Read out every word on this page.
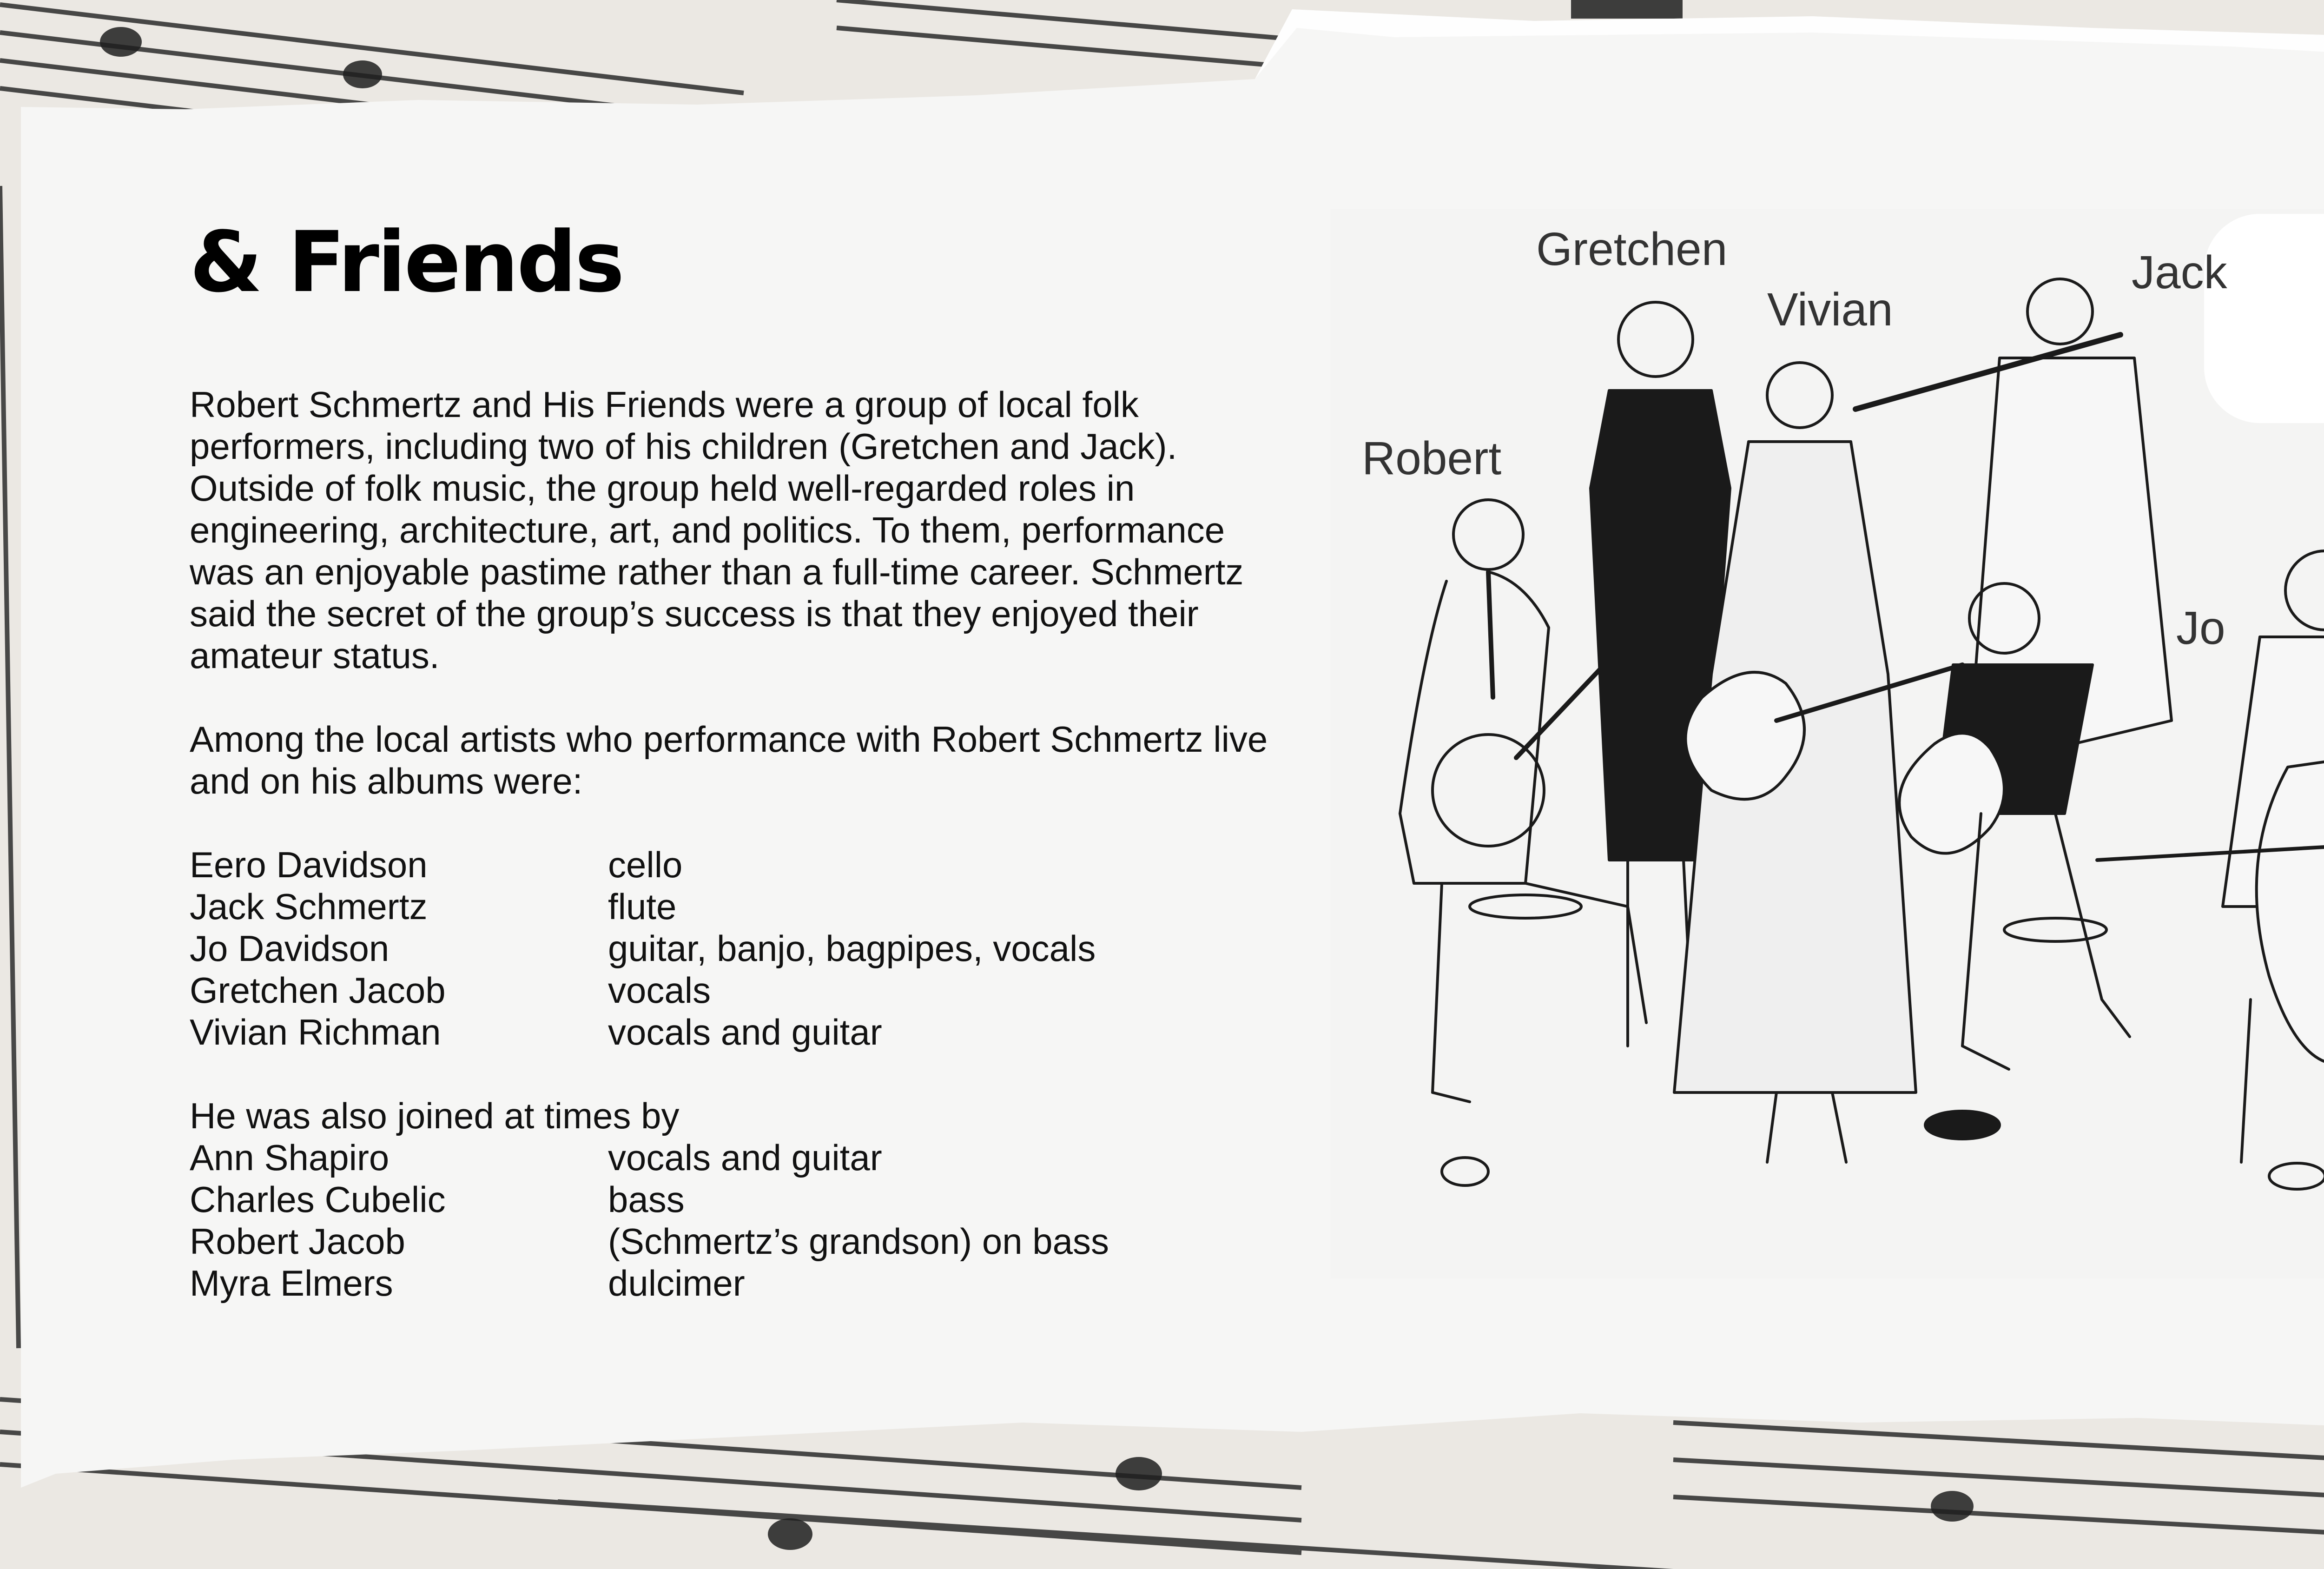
& Friends

Robert Schmertz and His Friends were a group of local folk performers, including two of his children (Gretchen and Jack). Outside of folk music, the group held well-regarded roles in engineering, architecture, art, and politics. To them, performance was an enjoyable pastime rather than a full-time career. Schmertz said the secret of the group’s success is that they enjoyed their amateur status.

Among the local artists who performance with Robert Schmertz live and on his albums were:

Eero Davidson	cello
Jack Schmertz	flute
Jo Davidson	guitar, banjo, bagpipes, vocals
Gretchen Jacob	vocals
Vivian Richman	vocals and guitar

He was also joined at times by

Ann Shapiro	vocals and guitar
Charles Cubelic	bass
Robert Jacob	(Schmertz’s grandson) on bass
Myra Elmers	dulcimer
Gretchen
Vivian
Jack
Robert
Jo
